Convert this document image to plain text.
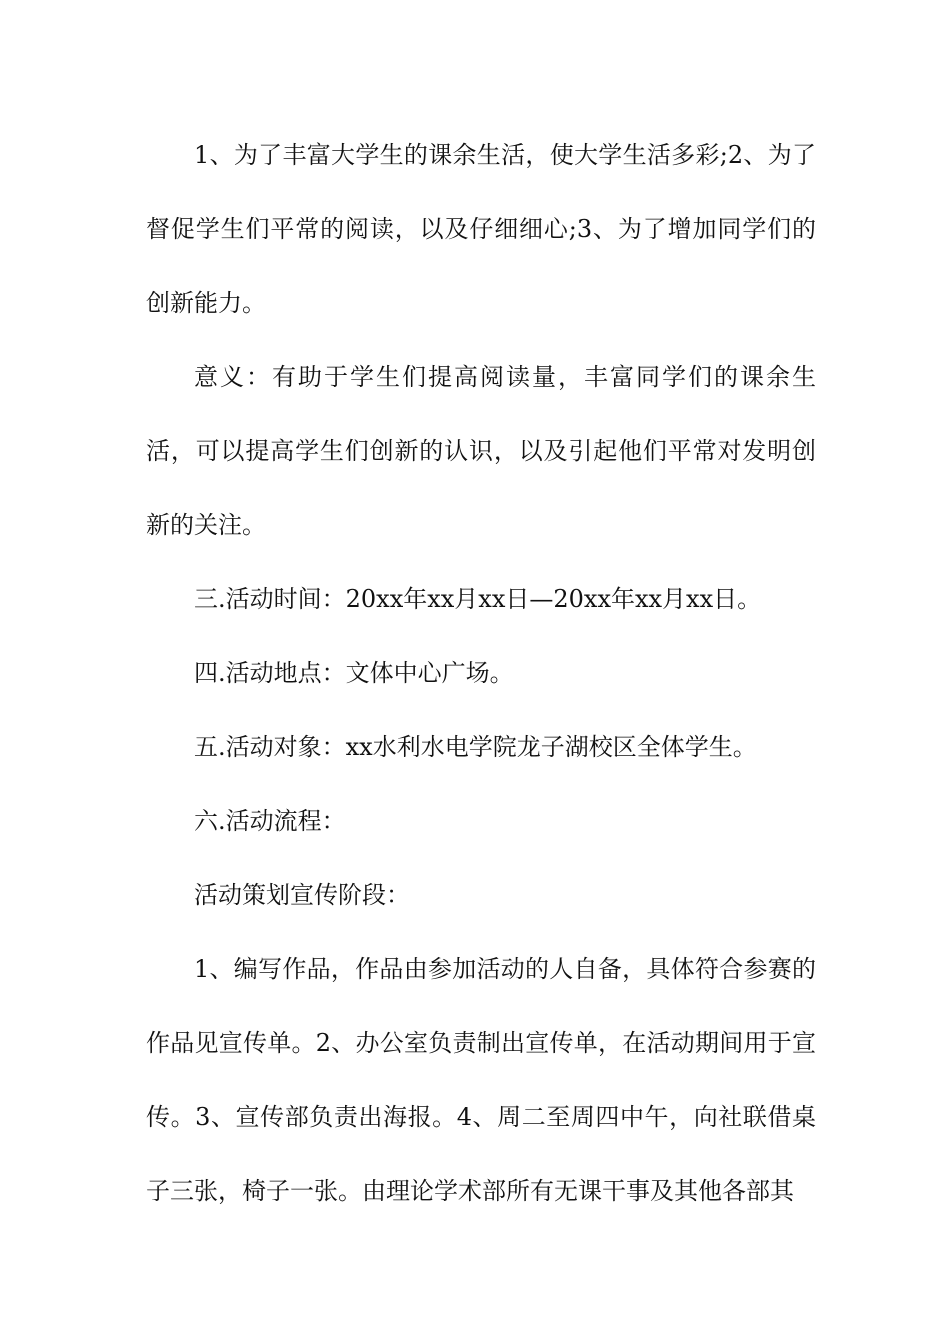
1、为了丰富大学生的课余生活，使大学生活多彩;2、为了督促学生们平常的阅读，以及仔细细心;3、为了增加同学们的创新能力。

意义：有助于学生们提高阅读量，丰富同学们的课余生活，可以提高学生们创新的认识，以及引起他们平常对发明创新的关注。

三.活动时间：20xx年xx月xx日—20xx年xx月xx日。

四.活动地点：文体中心广场。

五.活动对象：xx水利水电学院龙子湖校区全体学生。

六.活动流程：

活动策划宣传阶段：

1、编写作品，作品由参加活动的人自备，具体符合参赛的作品见宣传单。2、办公室负责制出宣传单，在活动期间用于宣传。3、宣传部负责出海报。4、周二至周四中午，向社联借桌子三张，椅子一张。由理论学术部所有无课干事及其他各部其
